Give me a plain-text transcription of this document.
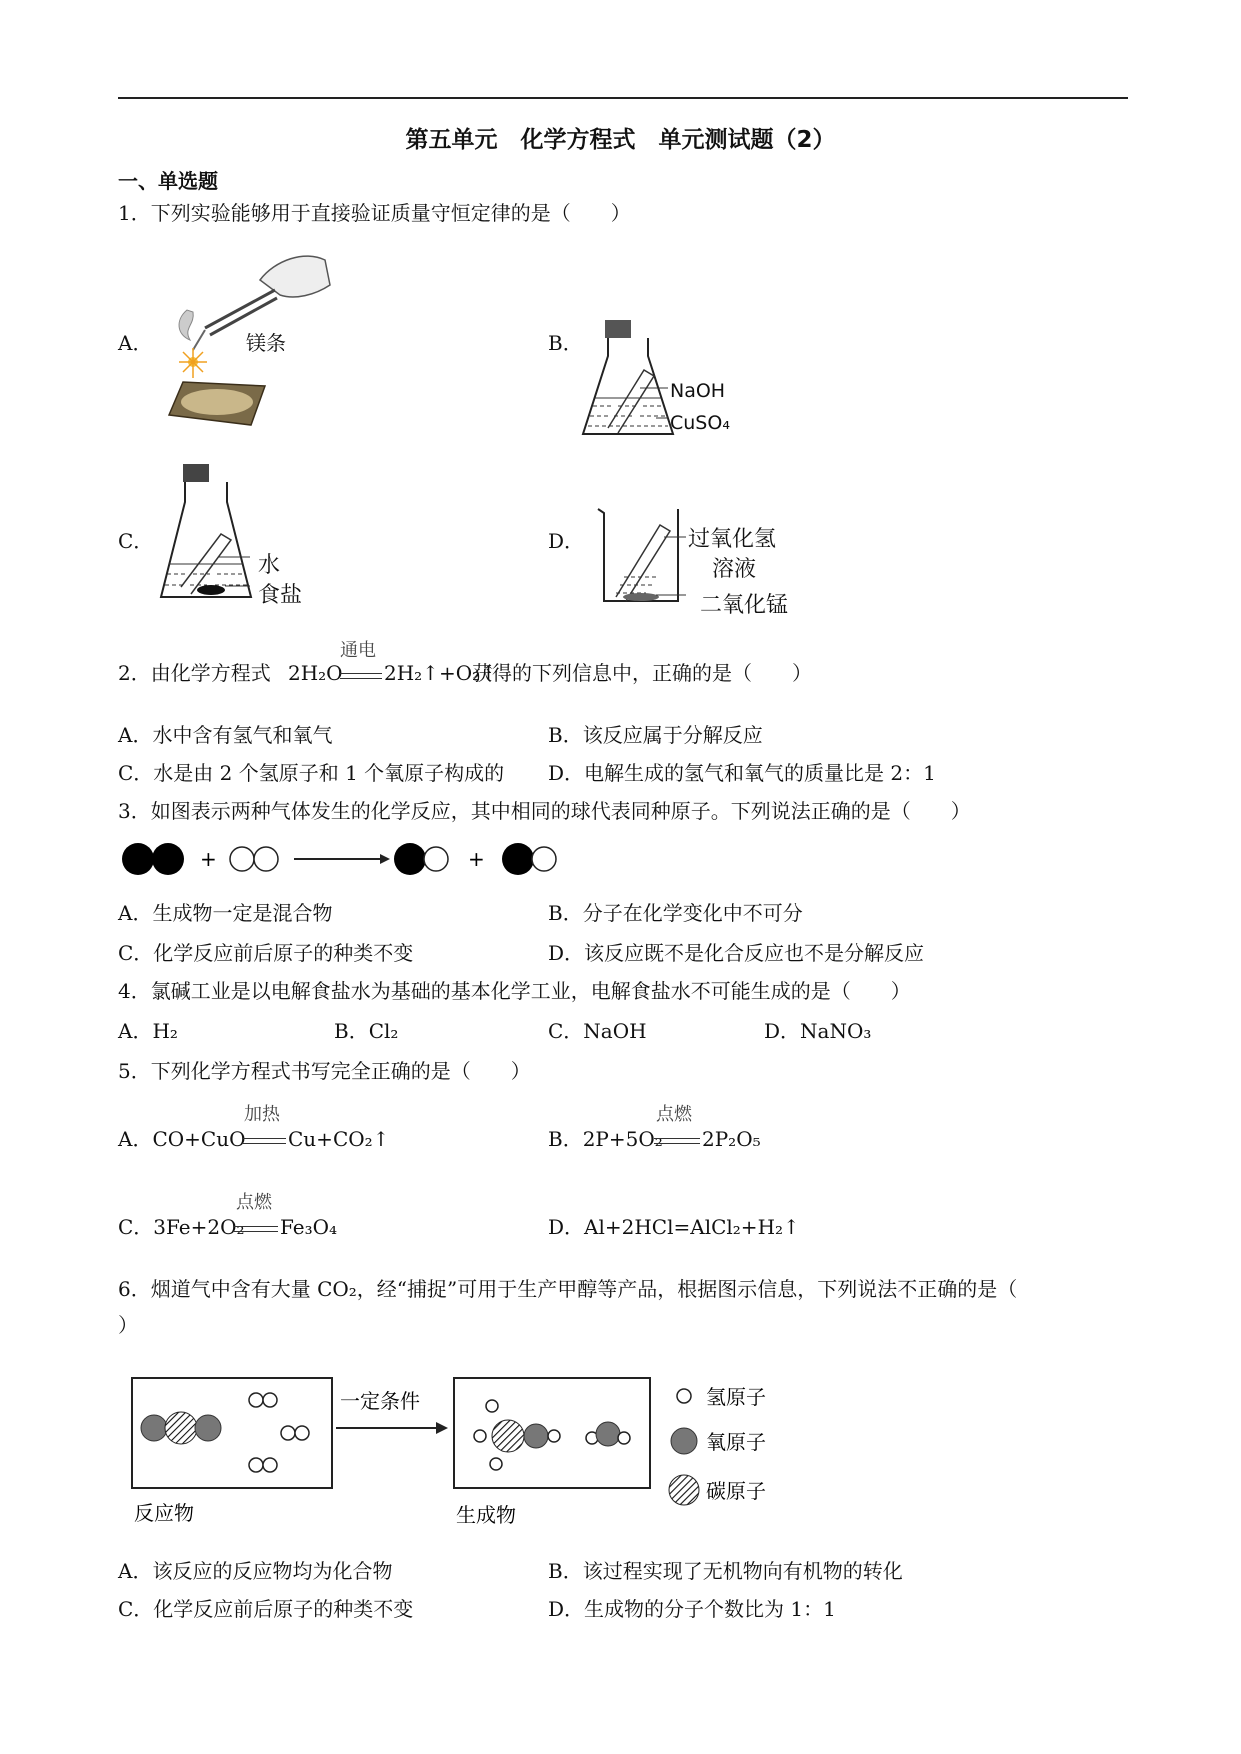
第五单元　化学方程式　单元测试题（2）
一、单选题
1．下列实验能够用于直接验证质量守恒定律的是（　　）
A．	B．
C．	D．
镁条
NaOH
CuSO₄
水
食盐
过氧化氢
溶液
二氧化锰
2．由化学方程式 2H₂O
通电
2H₂↑+O₂↑
获得的下列信息中，正确的是（　　）
A．水中含有氢气和氧气	B．该反应属于分解反应
C．水是由 2 个氢原子和 1 个氧原子构成的 D．电解生成的氢气和氧气的质量比是 2：1
3．如图表示两种气体发生的化学反应，其中相同的球代表同种原子。下列说法正确的是（　　）
+	+
A．生成物一定是混合物	B．分子在化学变化中不可分
C．化学反应前后原子的种类不变	D．该反应既不是化合反应也不是分解反应
4．氯碱工业是以电解食盐水为基础的基本化学工业，电解食盐水不可能生成的是（　　）
A．H₂	B．Cl₂	C．NaOH	D．NaNO₃
5．下列化学方程式书写完全正确的是（　　）
A．CO+CuO
加热
Cu+CO₂↑	B．2P+5O₂
点燃
2P₂O₅
C．3Fe+2O₂
点燃
Fe₃O₄	D．Al+2HCl=AlCl₂+H₂↑
6．烟道气中含有大量 CO₂，经“捕捉”可用于生产甲醇等产品，根据图示信息，下列说法不正确的是（
）
一定条件
反应物	生成物
氢原子
氧原子
碳原子
A．该反应的反应物均为化合物	B．该过程实现了无机物向有机物的转化
C．化学反应前后原子的种类不变	D．生成物的分子个数比为 1：1
